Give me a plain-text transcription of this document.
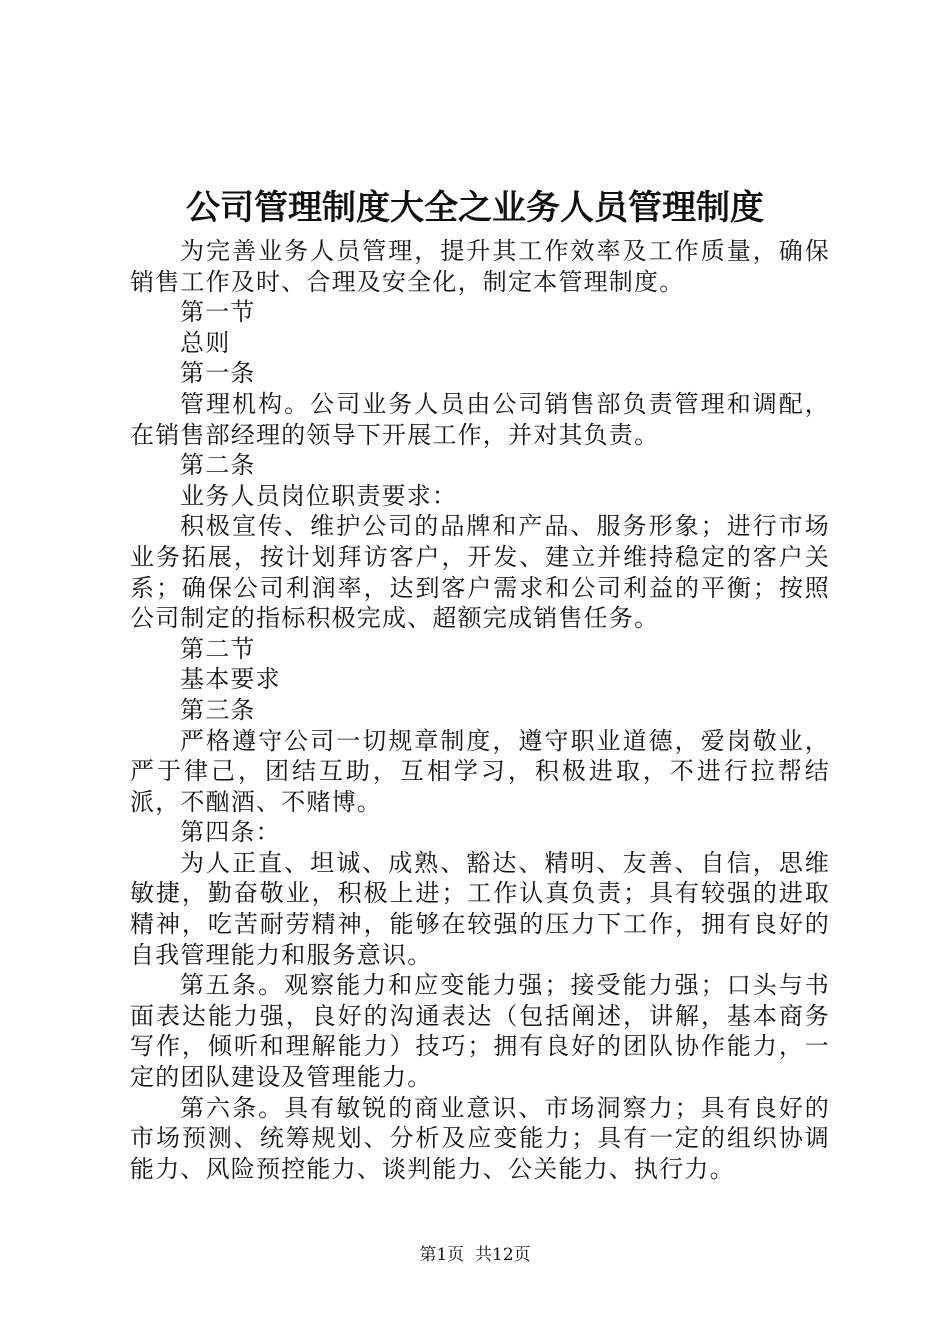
公司管理制度大全之业务人员管理制度

为完善业务人员管理，提升其工作效率及工作质量，确保销售工作及时、合理及安全化，制定本管理制度。

第一节

总则

第一条

管理机构。公司业务人员由公司销售部负责管理和调配，在销售部经理的领导下开展工作，并对其负责。

第二条

业务人员岗位职责要求：

积极宣传、维护公司的品牌和产品、服务形象；进行市场业务拓展，按计划拜访客户，开发、建立并维持稳定的客户关系；确保公司利润率，达到客户需求和公司利益的平衡；按照公司制定的指标积极完成、超额完成销售任务。

第二节

基本要求

第三条

严格遵守公司一切规章制度，遵守职业道德，爱岗敬业，严于律己，团结互助，互相学习，积极进取，不进行拉帮结派，不酗酒、不赌博。

第四条：

为人正直、坦诚、成熟、豁达、精明、友善、自信，思维敏捷，勤奋敬业，积极上进；工作认真负责；具有较强的进取精神，吃苦耐劳精神，能够在较强的压力下工作，拥有良好的自我管理能力和服务意识。

第五条。观察能力和应变能力强；接受能力强；口头与书面表达能力强，良好的沟通表达（包括阐述，讲解，基本商务写作，倾听和理解能力）技巧；拥有良好的团队协作能力，一定的团队建设及管理能力。

第六条。具有敏锐的商业意识、市场洞察力；具有良好的市场预测、统筹规划、分析及应变能力；具有一定的组织协调能力、风险预控能力、谈判能力、公关能力、执行力。

第1页 共12页
